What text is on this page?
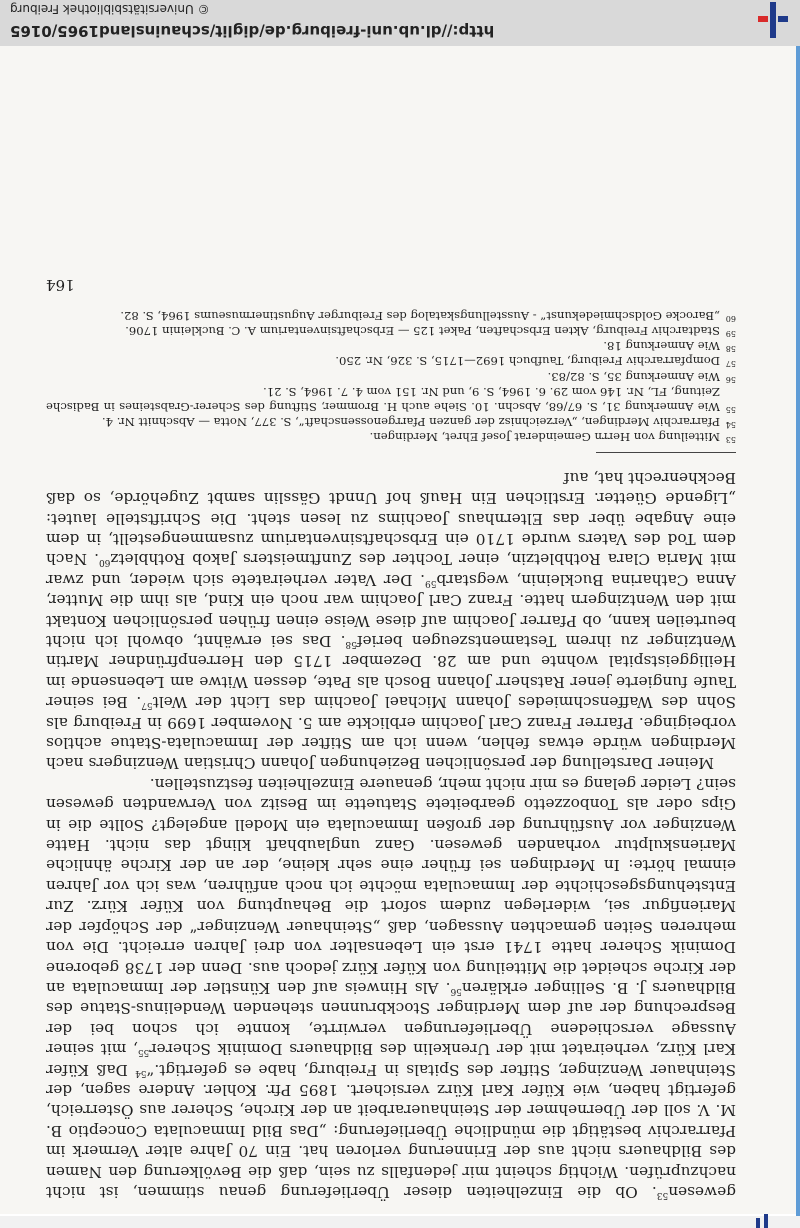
© Universitätsbibliothek Freiburg
http://dl.ub.uni-freiburg.de/diglit/schauinsland1965/0165

gewesen$^{53}$. Ob die Einzelheiten dieser Überlieferung genau stimmen, ist nicht nachzuprüfen. Wichtig scheint mir jedenfalls zu sein, daß die Bevölkerung den Namen des Bildhauers nicht aus der Erinnerung verloren hat. Ein 70 Jahre alter Vermerk im Pfarrarchiv bestätigt die mündliche Überlieferung: „Das Bild Immaculata Conceptio B. M. V. soll der Übernehmer der Steinhauerarbeit an der Kirche, Scherer aus Österreich, gefertigt haben, wie Küfer Karl Kürz versichert. 1895 Pfr. Kohler. Andere sagen, der Steinhauer Wenzinger, Stifter des Spitals in Freiburg, habe es gefertigt.“$^{54}$ Daß Küfer Karl Kürz, verheiratet mit der Urenkelin des Bildhauers Dominik Scherer$^{55}$, mit seiner Aussage verschiedene Überlieferungen verwirrte, konnte ich schon bei der Besprechung der auf dem Merdinger Stockbrunnen stehenden Wendelinus-Statue des Bildhauers J. B. Sellinger erklären$^{56}$. Als Hinweis auf den Künstler der Immaculata an der Kirche scheidet die Mitteilung von Küfer Kürz jedoch aus. Denn der 1738 geborene Dominik Scherer hatte 1741 erst ein Lebensalter von drei Jahren erreicht. Die von mehreren Seiten gemachten Aussagen, daß „Steinhauer Wenzinger“ der Schöpfer der Marienfigur sei, widerlegen zudem sofort die Behauptung von Küfer Kürz. Zur Entstehungsgeschichte der Immaculata möchte ich noch anführen, was ich vor Jahren einmal hörte: In Merdingen sei früher eine sehr kleine, der an der Kirche ähnliche Marienskulptur vorhanden gewesen. Ganz unglaubhaft klingt das nicht. Hatte Wenzinger vor Ausführung der großen Immaculata ein Modell angelegt? Sollte die in Gips oder als Tonbozzetto gearbeitete Statuette im Besitz von Verwandten gewesen sein? Leider gelang es mir nicht mehr, genauere Einzelheiten festzustellen.

Meiner Darstellung der persönlichen Beziehungen Johann Christian Wenzingers nach Merdingen würde etwas fehlen, wenn ich am Stifter der Immaculata-Statue achtlos vorbeiginge. Pfarrer Franz Carl Joachim erblickte am 5. November 1699 in Freiburg als Sohn des Waffenschmiedes Johann Michael Joachim das Licht der Welt$^{57}$. Bei seiner Taufe fungierte jener Ratsherr Johann Bosch als Pate, dessen Witwe am Lebensende im Heiliggeistspital wohnte und am 28. Dezember 1715 den Herrenpfründner Martin Wentzinger zu ihrem Testamentszeugen berief$^{58}$. Das sei erwähnt, obwohl ich nicht beurteilen kann, ob Pfarrer Joachim auf diese Weise einen frühen persönlichen Kontakt mit den Wentzingern hatte. Franz Carl Joachim war noch ein Kind, als ihm die Mutter, Anna Catharina Buckleinin, wegstarb$^{59}$. Der Vater verheiratete sich wieder, und zwar mit Maria Clara Rothbletzin, einer Tochter des Zunftmeisters Jakob Rothbletz$^{60}$. Nach dem Tod des Vaters wurde 1710 ein Erbschaftsinventarium zusammengestellt, in dem eine Angabe über das Elternhaus Joachims zu lesen steht. Die Schriftstelle lautet: „Ligende Güetter. Erstlichen Ein Hauß hof Unndt Gässlin sambt Zugehörde, so daß Beckhenrecht hat, auf

53
Mitteilung von Herrn Gemeinderat Josef Ehret, Merdingen.
54
Pfarrarchiv Merdingen, „Verzeichnisz der ganzen Pfarrgenossenschaft“, S. 377, Notta — Abschnitt Nr. 4.
55
Wie Anmerkung 31, S. 67/68, Abschn. 10. Siehe auch H. Brommer, Stiftung des Scherer-Grabsteines in Badische Zeitung, FL, Nr. 146 vom 29. 6. 1964, S. 9, und Nr. 151 vom 4. 7. 1964, S. 21.
56
Wie Anmerkung 35, S. 82/83.
57
Dompfarrarchiv Freiburg, Taufbuch 1692—1715, S. 326, Nr. 250.
58
Wie Anmerkung 18.
59
Stadtarchiv Freiburg, Akten Erbschaften, Paket 125 — Erbschaftsinventarium A. C. Buckleinin 1706.
60
„Barocke Goldschmiedekunst“ - Ausstellungskatalog des Freiburger Augustinermuseums 1964, S. 82.
164
